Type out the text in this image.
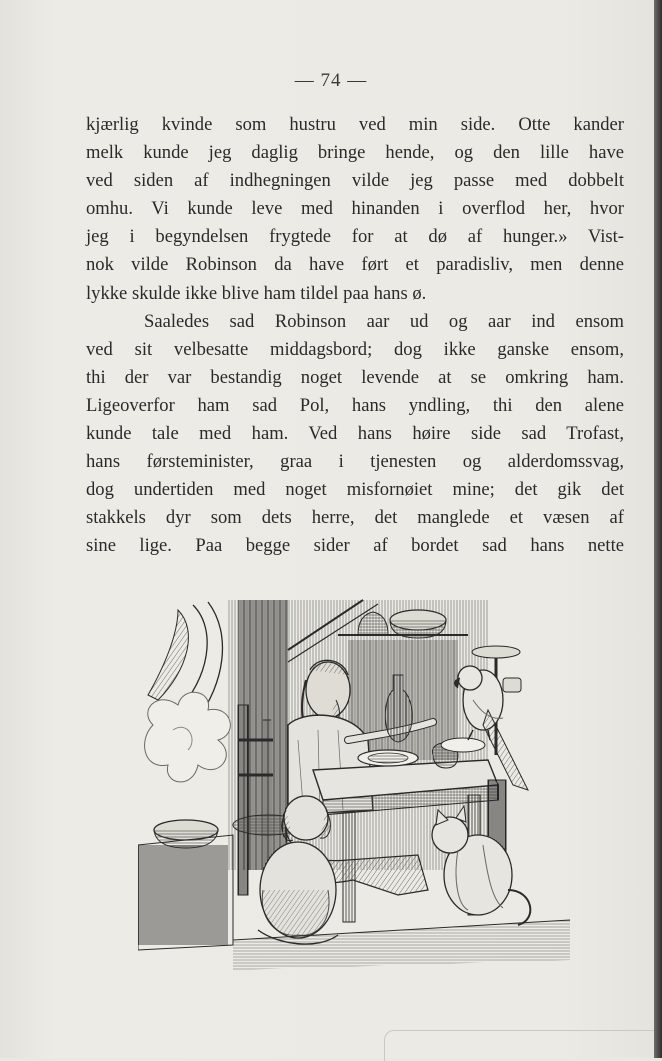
— 74 —
kjærlig kvinde som hustru ved min side. Otte kander
melk kunde jeg daglig bringe hende, og den lille have
ved siden af indhegningen vilde jeg passe med dobbelt
omhu. Vi kunde leve med hinanden i overflod her, hvor
jeg i begyndelsen frygtede for at dø af hunger.» Vist-
nok vilde Robinson da have ført et paradisliv, men denne
lykke skulde ikke blive ham tildel paa hans ø.
Saaledes sad Robinson aar ud og aar ind ensom
ved sit velbesatte middagsbord; dog ikke ganske ensom,
thi der var bestandig noget levende at se omkring ham.
Ligeoverfor ham sad Pol, hans yndling, thi den alene
kunde tale med ham. Ved hans høire side sad Trofast,
hans førsteminister, graa i tjenesten og alderdomssvag,
dog undertiden med noget misfornøiet mine; det gik det
stakkels dyr som dets herre, det manglede et væsen af
sine lige. Paa begge sider af bordet sad hans nette
